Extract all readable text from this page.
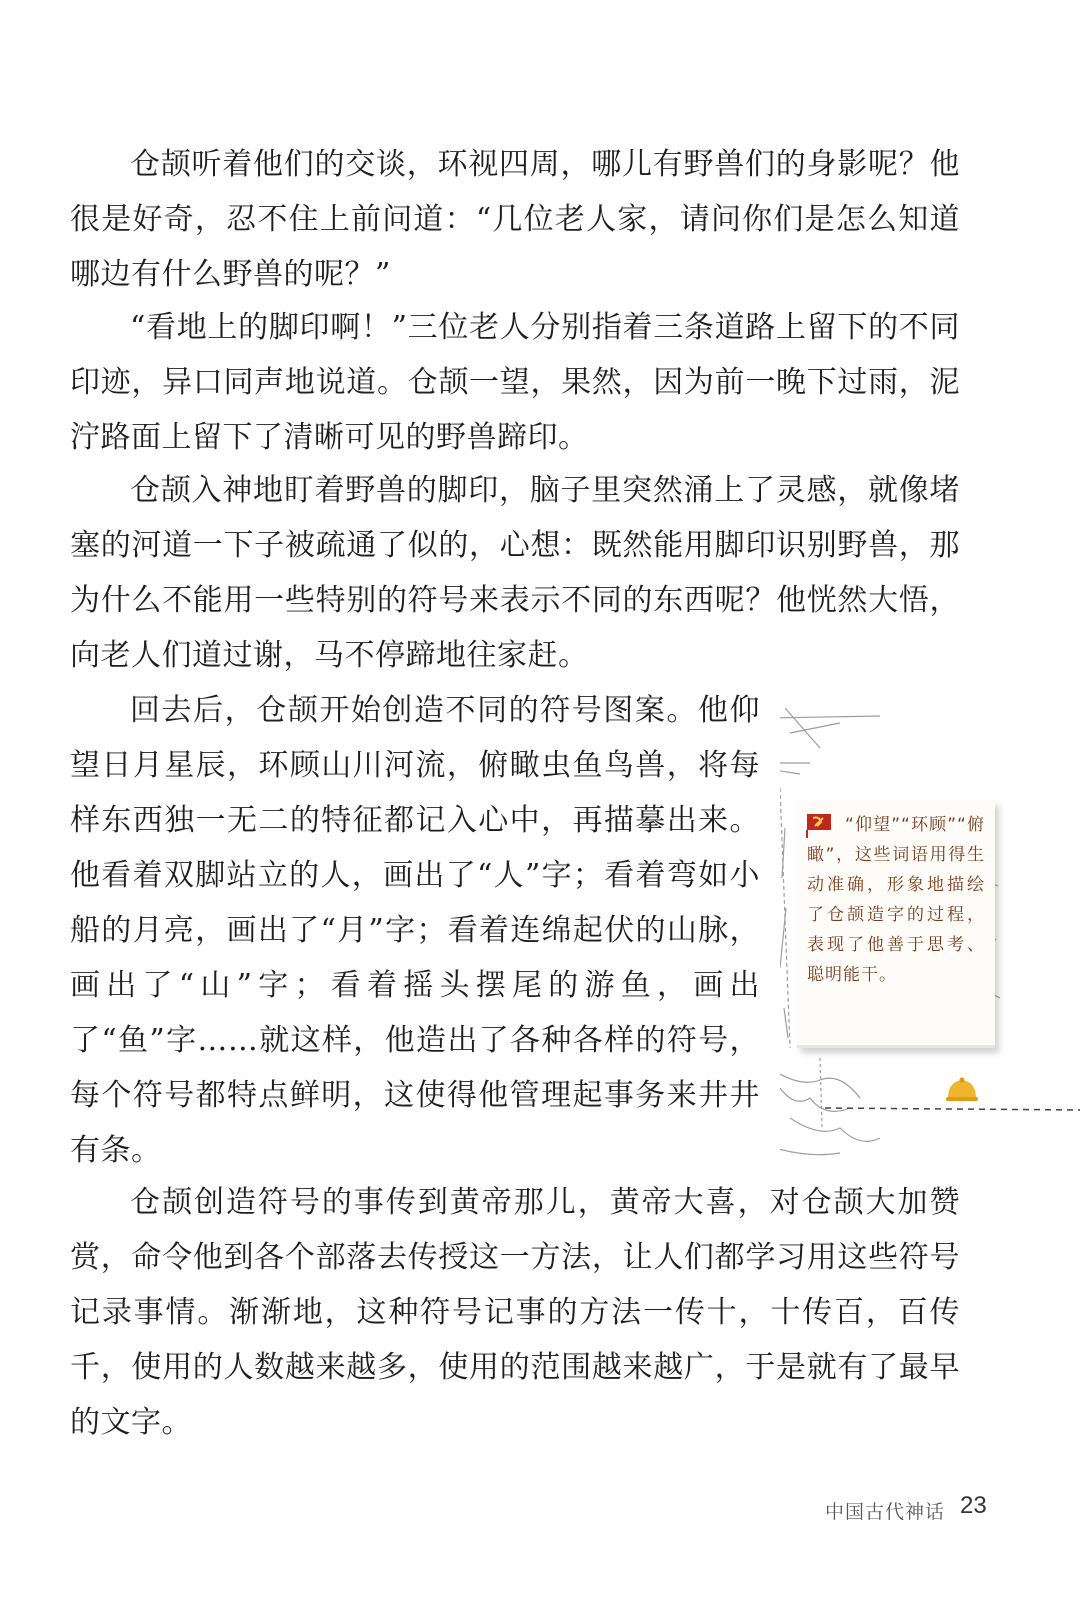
仓颉听着他们的交谈，环视四周，哪儿有野兽们的身影呢？他很是好奇，忍不住上前问道：“几位老人家，请问你们是怎么知道哪边有什么野兽的呢？”

“看地上的脚印啊！”三位老人分别指着三条道路上留下的不同印迹，异口同声地说道。仓颉一望，果然，因为前一晚下过雨，泥泞路面上留下了清晰可见的野兽蹄印。

仓颉入神地盯着野兽的脚印，脑子里突然涌上了灵感，就像堵塞的河道一下子被疏通了似的，心想：既然能用脚印识别野兽，那为什么不能用一些特别的符号来表示不同的东西呢？他恍然大悟，向老人们道过谢，马不停蹄地往家赶。

回去后，仓颉开始创造不同的符号图案。他仰望日月星辰，环顾山川河流，俯瞰虫鱼鸟兽，将每样东西独一无二的特征都记入心中，再描摹出来。他看着双脚站立的人，画出了“人”字；看着弯如小船的月亮，画出了“月”字；看着连绵起伏的山脉，画出了“山”字；看着摇头摆尾的游鱼，画出了“鱼”字……就这样，他造出了各种各样的符号，每个符号都特点鲜明，这使得他管理起事务来井井有条。

仓颉创造符号的事传到黄帝那儿，黄帝大喜，对仓颉大加赞赏，命令他到各个部落去传授这一方法，让人们都学习用这些符号记录事情。渐渐地，这种符号记事的方法一传十，十传百，百传千，使用的人数越来越多，使用的范围越来越广，于是就有了最早的文字。

“仰望”“环顾”“俯瞰”，这些词语用得生动准确，形象地描绘了仓颉造字的过程，表现了他善于思考、聪明能干。
中国古代神话 23
